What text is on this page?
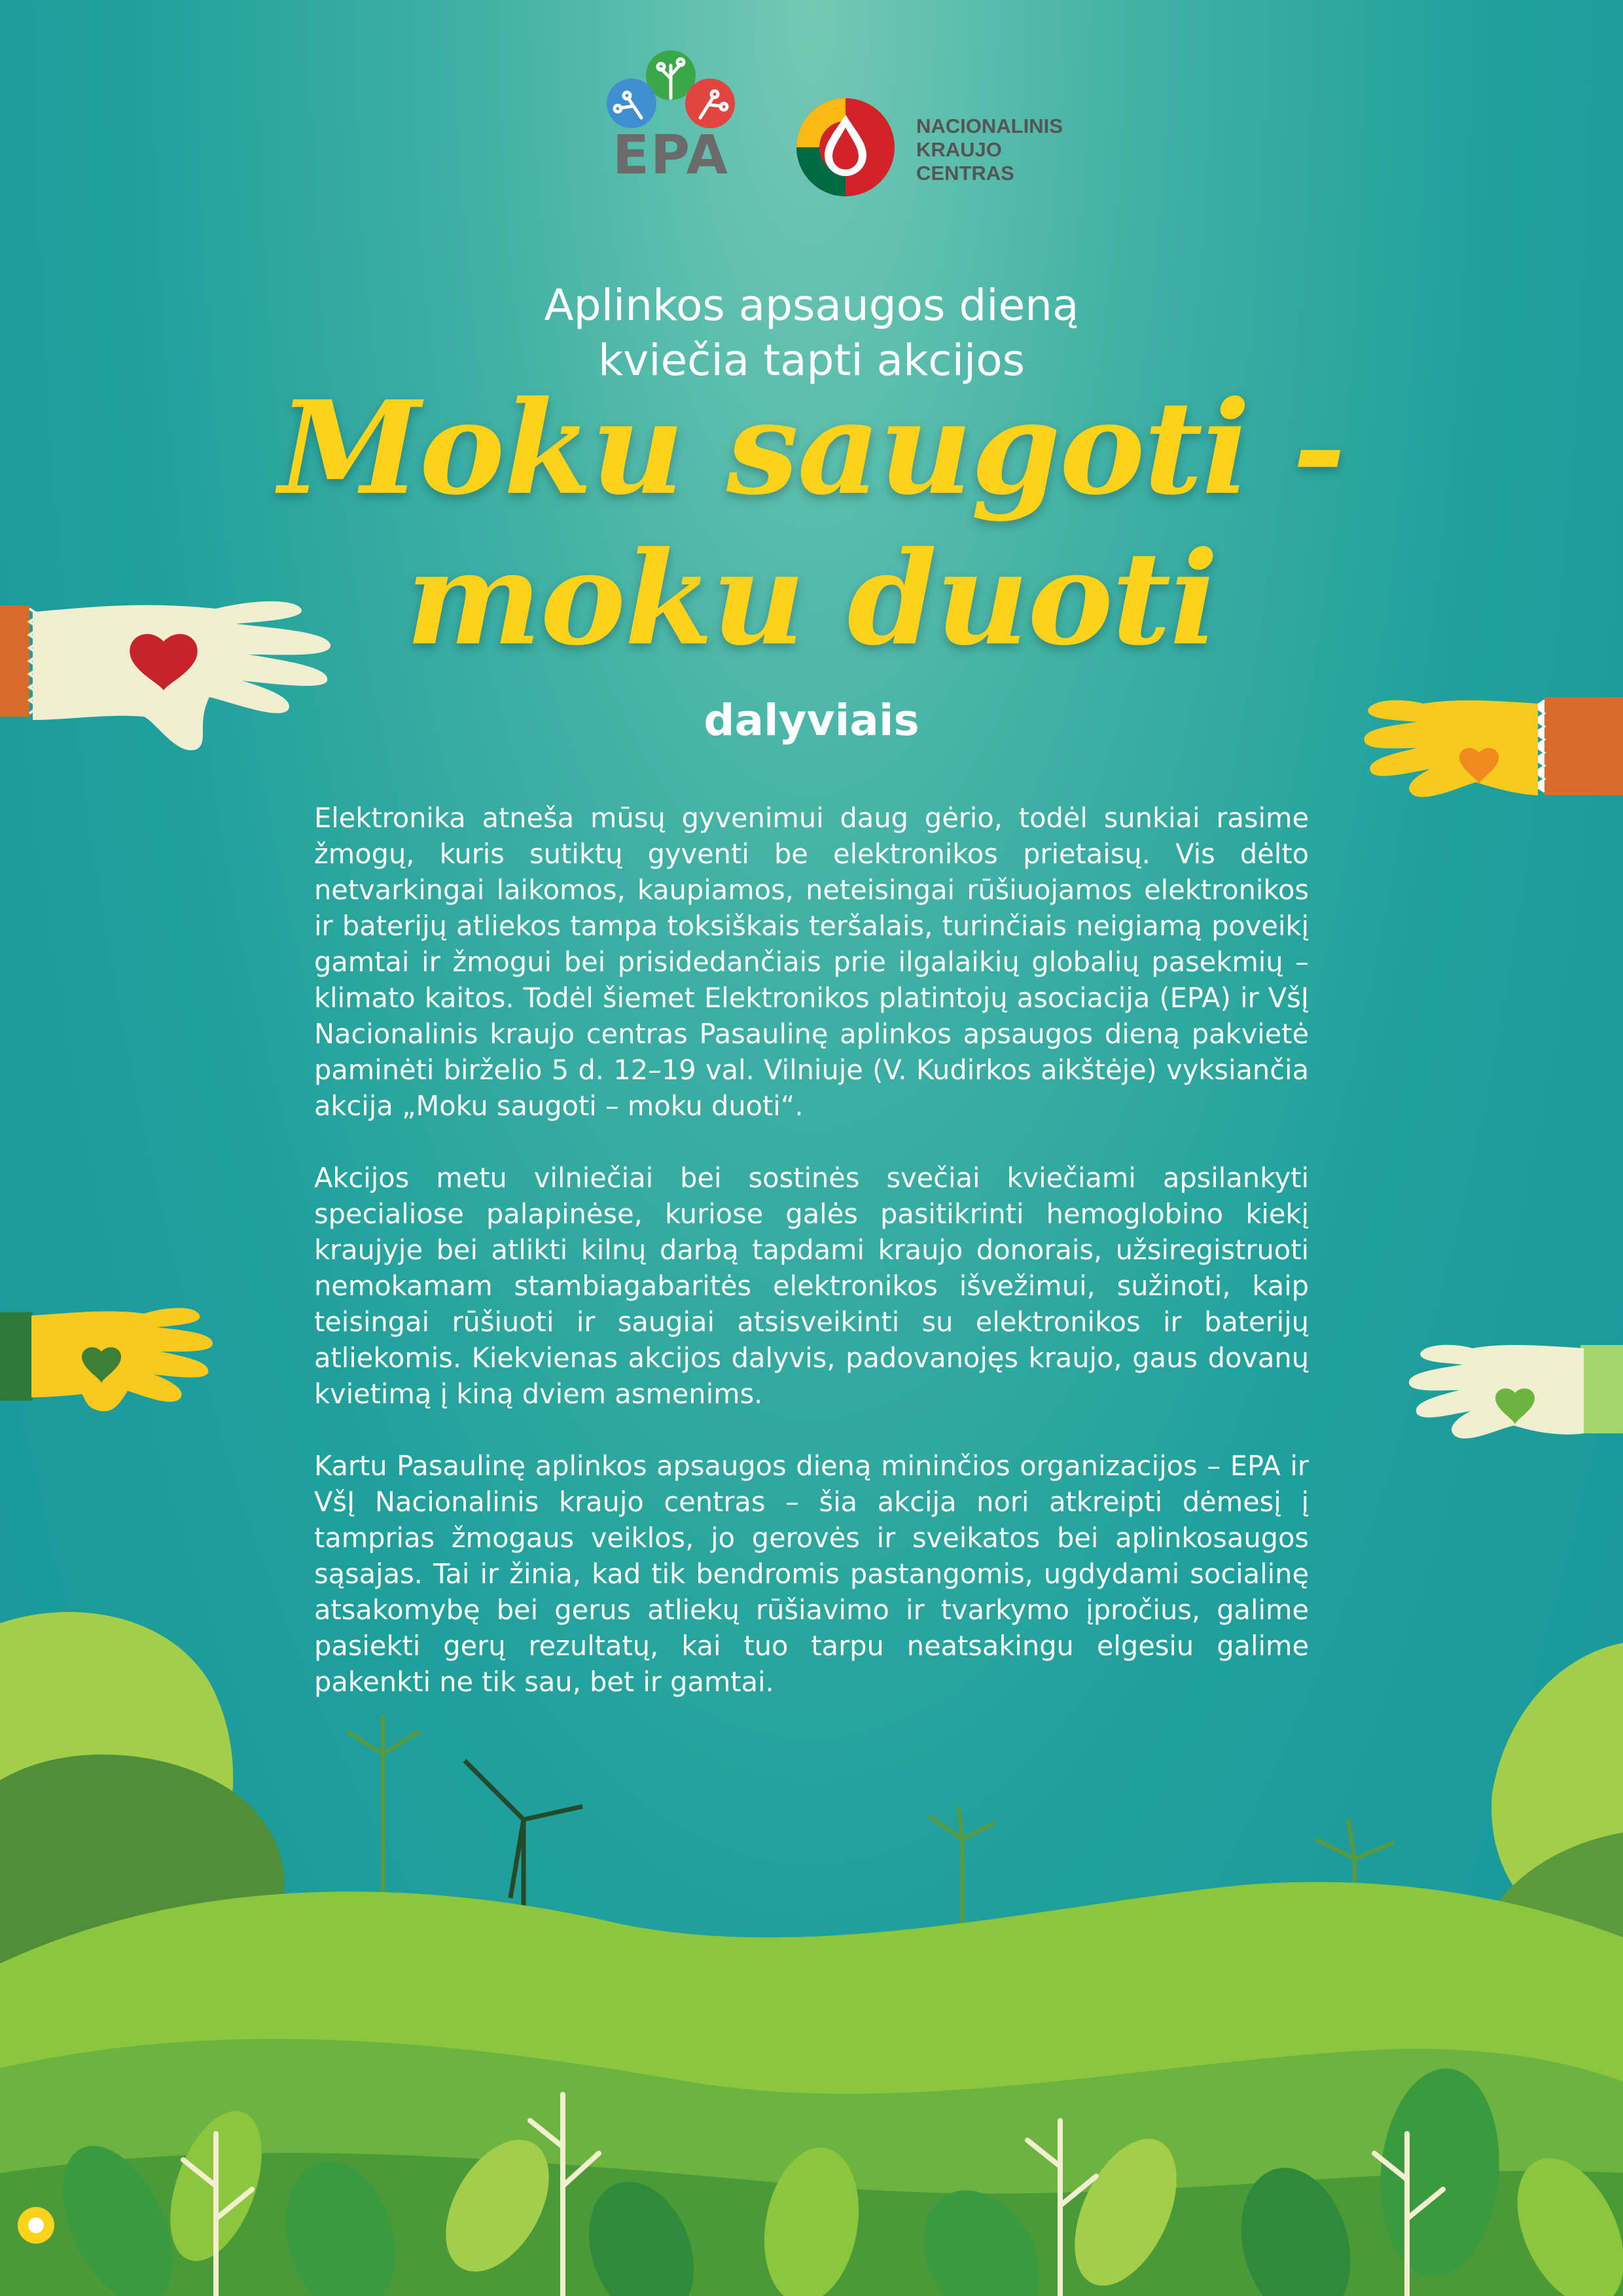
EPA	NACIONALINIS
KRAUJO
CENTRAS
Aplinkos apsaugos dieną
kviečia tapti akcijos
Moku saugoti -
moku duoti
dalyviais

Elektronika atneša mūsų gyvenimui daug gėrio, todėl sunkiai rasime žmogų, kuris sutiktų gyventi be elektronikos prietaisų. Vis dėlto netvarkingai laikomos, kaupiamos, neteisingai rūšiuojamos elektronikos ir baterijų atliekos tampa toksiškais teršalais, turinčiais neigiamą poveikį gamtai ir žmogui bei prisidedančiais prie ilgalaikių globalių pasekmių – klimato kaitos. Todėl šiemet Elektronikos platintojų asociacija (EPA) ir VšĮ Nacionalinis kraujo centras Pasaulinę aplinkos apsaugos dieną pakvietė paminėti birželio 5 d. 12–19 val. Vilniuje (V. Kudirkos aikštėje) vyksiančia akcija „Moku saugoti – moku duoti“.

Akcijos metu vilniečiai bei sostinės svečiai kviečiami apsilankyti specialiose palapinėse, kuriose galės pasitikrinti hemoglobino kiekį kraujyje bei atlikti kilnų darbą tapdami kraujo donorais, užsiregistruoti nemokamam stambiagabaritės elektronikos išvežimui, sužinoti, kaip teisingai rūšiuoti ir saugiai atsisveikinti su elektronikos ir baterijų atliekomis. Kiekvienas akcijos dalyvis, padovanojęs kraujo, gaus dovanų kvietimą į kiną dviem asmenims.

Kartu Pasaulinę aplinkos apsaugos dieną mininčios organizacijos – EPA ir VšĮ Nacionalinis kraujo centras – šia akcija nori atkreipti dėmesį į tamprias žmogaus veiklos, jo gerovės ir sveikatos bei aplinkosaugos sąsajas. Tai ir žinia, kad tik bendromis pastangomis, ugdydami socialinę atsakomybę bei gerus atliekų rūšiavimo ir tvarkymo įpročius, galime pasiekti gerų rezultatų, kai tuo tarpu neatsakingu elgesiu galime pakenkti ne tik sau, bet ir gamtai.
